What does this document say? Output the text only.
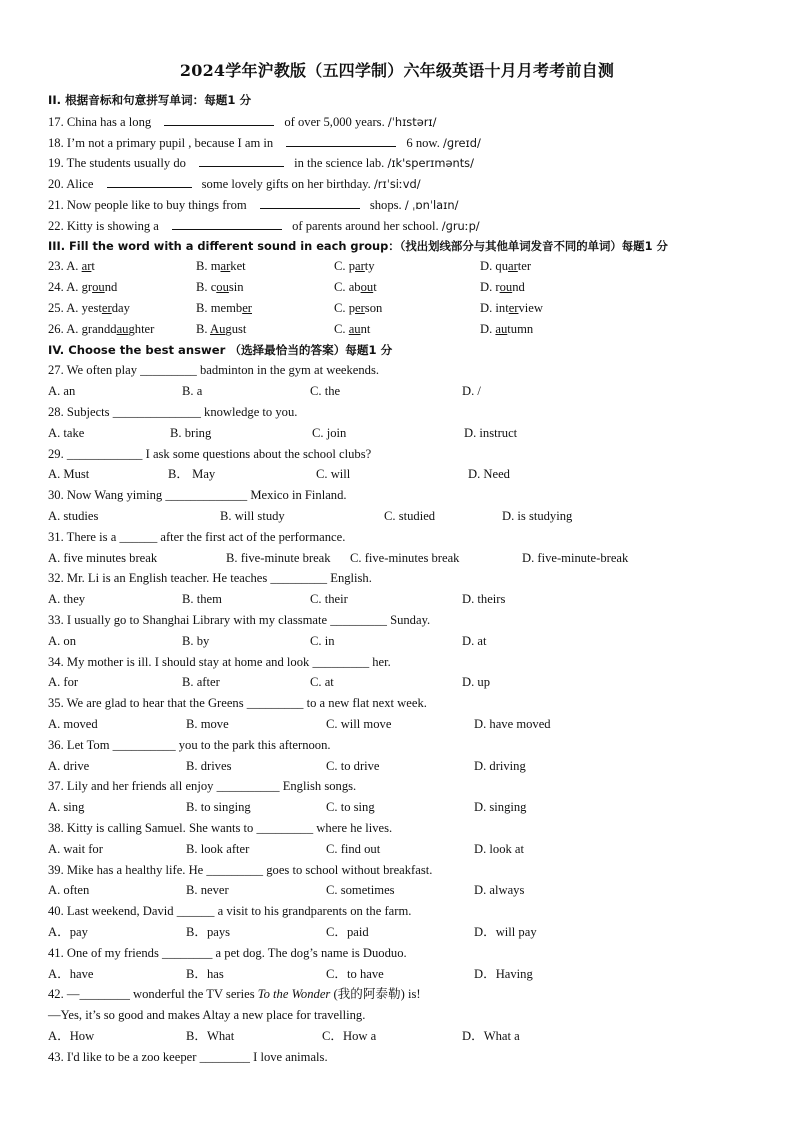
2024学年沪教版（五四学制）六年级英语十月月考考前自测
II. 根据音标和句意拼写单词：每题1 分
17. China has a long	of over 5,000 years. /ˈhɪstərɪ/
18. I’m not a primary pupil , because I am in	6 now. /ɡreɪd/
19. The students usually do	in the science lab. /ɪk'sperɪmənts/
20. Alice	some lovely gifts on her birthday. /rɪˈsiːvd/
21. Now people like to buy things from	shops. / ˌɒnˈlaɪn/
22. Kitty is showing a	of parents around her school. /ɡruːp/
III. Fill the word with a different sound in each group：（找出划线部分与其他单词发音不同的单词）每题1 分
23. A. art	B. market	C. party	D. quarter
24. A. ground	B. cousin	C. about	D. round
25. A. yesterday	B. member	C. person	D. interview
26. A. granddaughter	B. August	C. aunt	D. autumn
IV. Choose the best answer （选择最恰当的答案）每题1 分
27. We often play _________ badminton in the gym at weekends.
A. an	B. a	C. the	D. /
28. Subjects ______________ knowledge to you.
A. take	B. bring	C. join	D. instruct
29. ____________ I ask some questions about the school clubs?
A. Must	B． May	C. will	D. Need
30. Now Wang yiming _____________ Mexico in Finland.
A. studies	B. will study	C. studied	D. is studying
31. There is a ______ after the first act of the performance.
A. five minutes break	B. five-minute break C. five-minutes break	D. five-minute-break
32. Mr. Li is an English teacher. He teaches _________ English.
A. they	B. them	C. their	D. theirs
33. I usually go to Shanghai Library with my classmate _________ Sunday.
A. on	B. by	C. in	D. at
34. My mother is ill. I should stay at home and look _________ her.
A. for	B. after	C. at	D. up
35. We are glad to hear that the Greens _________ to a new flat next week.
A. moved	B. move	C. will move	D. have moved
36. Let Tom __________ you to the park this afternoon.
A. drive	B. drives	C. to drive	D. driving
37. Lily and her friends all enjoy __________ English songs.
A. sing	B. to singing	C. to sing	D. singing
38. Kitty is calling Samuel. She wants to _________ where he lives.
A. wait for	B. look after	C. find out	D. look at
39. Mike has a healthy life. He _________ goes to school without breakfast.
A. often	B. never	C. sometimes	D. always
40. Last weekend, David ______ a visit to his grandparents on the farm.
A．pay	B．pays	C．paid	D．will pay
41. One of my friends ________ a pet dog. The dog’s name is Duoduo.
A．have	B．has	C．to have	D．Having
42. —________ wonderful the TV series To the Wonder (我的阿泰勒) is!
—Yes, it’s so good and makes Altay a new place for travelling.
A．How	B．What	C．How a	D．What a
43. I'd like to be a zoo keeper ________ I love animals.
